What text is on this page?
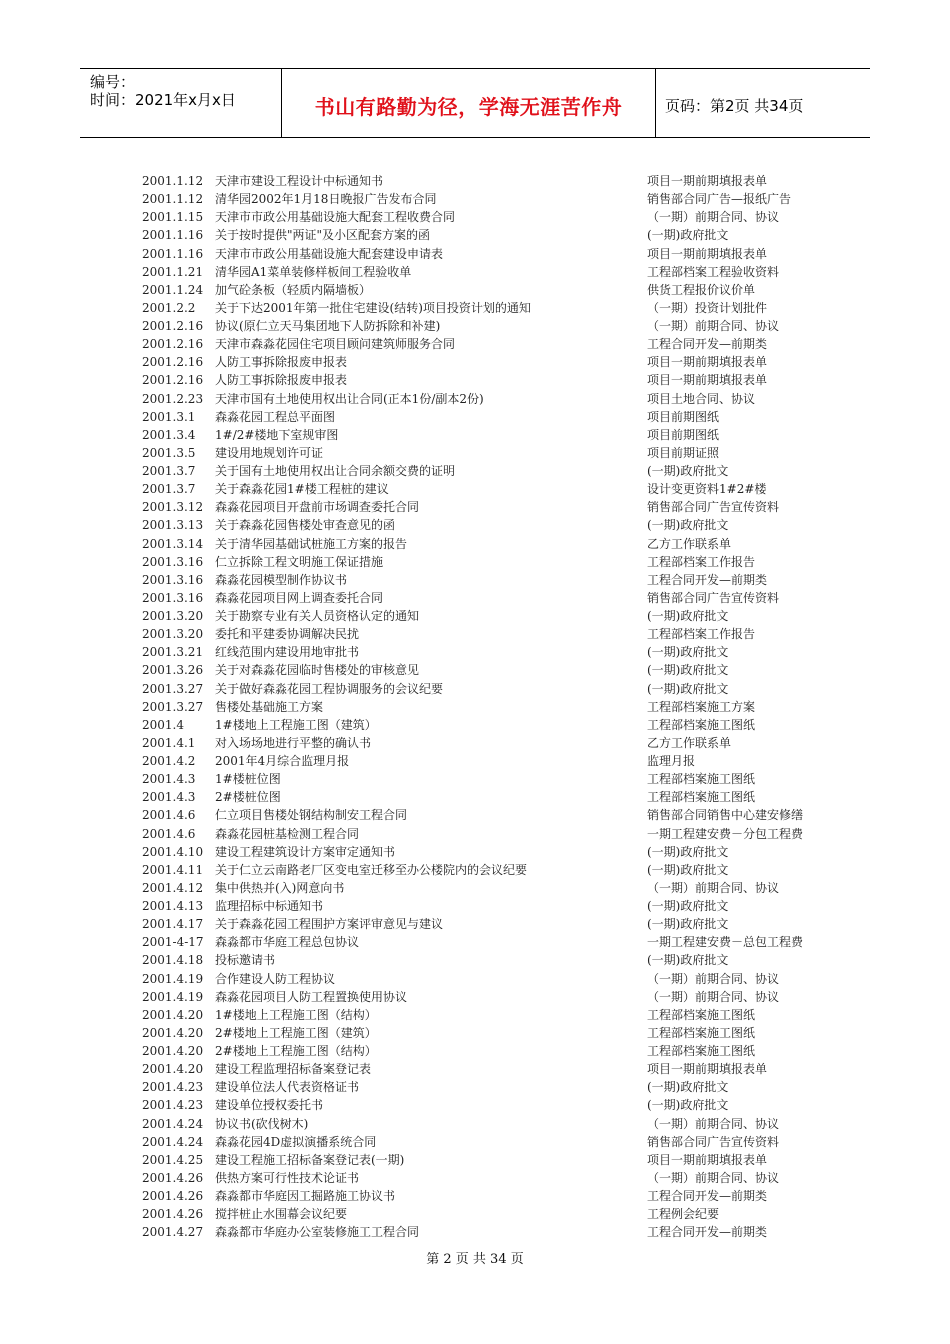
编号：
时间：2021年x月x日	书山有路勤为径，学海无涯苦作舟	页码：第2页 共34页
2001.1.12 天津市建设工程设计中标通知书	项目一期前期填报表单
2001.1.12 清华园2002年1月18日晚报广告发布合同	销售部合同广告—报纸广告
2001.1.15 天津市市政公用基础设施大配套工程收费合同	（一期）前期合同、协议
2001.1.16 关于按时提供"两证"及小区配套方案的函	(一期)政府批文
2001.1.16 天津市市政公用基础设施大配套建设申请表	项目一期前期填报表单
2001.1.21 清华园A1菜单装修样板间工程验收单	工程部档案工程验收资料
2001.1.24 加气砼条板（轻质内隔墙板）	供货工程报价议价单
2001.2.2	关于下达2001年第一批住宅建设(结转)项目投资计划的通知	（一期）投资计划批件
2001.2.16 协议(原仁立天马集团地下人防拆除和补建)	（一期）前期合同、协议
2001.2.16 天津市森淼花园住宅项目顾问建筑师服务合同	工程合同开发—前期类
2001.2.16 人防工事拆除报废申报表	项目一期前期填报表单
2001.2.16 人防工事拆除报废申报表	项目一期前期填报表单
2001.2.23 天津市国有土地使用权出让合同(正本1份/副本2份)	项目土地合同、协议
2001.3.1	森淼花园工程总平面图	项目前期图纸
2001.3.4	1#/2#楼地下室规审图	项目前期图纸
2001.3.5	建设用地规划许可证	项目前期证照
2001.3.7	关于国有土地使用权出让合同余额交费的证明	(一期)政府批文
2001.3.7	关于森淼花园1#楼工程桩的建议	设计变更资料1#2#楼
2001.3.12 森淼花园项目开盘前市场调查委托合同	销售部合同广告宣传资料
2001.3.13 关于森淼花园售楼处审查意见的函	(一期)政府批文
2001.3.14 关于清华园基础试桩施工方案的报告	乙方工作联系单
2001.3.16 仁立拆除工程文明施工保证措施	工程部档案工作报告
2001.3.16 森淼花园模型制作协议书	工程合同开发—前期类
2001.3.16 森淼花园项目网上调查委托合同	销售部合同广告宣传资料
2001.3.20 关于勘察专业有关人员资格认定的通知	(一期)政府批文
2001.3.20 委托和平建委协调解决民扰	工程部档案工作报告
2001.3.21 红线范围内建设用地审批书	(一期)政府批文
2001.3.26 关于对森淼花园临时售楼处的审核意见	(一期)政府批文
2001.3.27 关于做好森淼花园工程协调服务的会议纪要	(一期)政府批文
2001.3.27 售楼处基础施工方案	工程部档案施工方案
2001.4	1#楼地上工程施工图（建筑）	工程部档案施工图纸
2001.4.1	对入场场地进行平整的确认书	乙方工作联系单
2001.4.2	2001年4月综合监理月报	监理月报
2001.4.3	1#楼桩位图	工程部档案施工图纸
2001.4.3	2#楼桩位图	工程部档案施工图纸
2001.4.6	仁立项目售楼处钢结构制安工程合同	销售部合同销售中心建安修缮
2001.4.6	森淼花园桩基检测工程合同	一期工程建安费－分包工程费
2001.4.10 建设工程建筑设计方案审定通知书	(一期)政府批文
2001.4.11 关于仁立云南路老厂区变电室迁移至办公楼院内的会议纪要	(一期)政府批文
2001.4.12 集中供热并(入)网意向书	（一期）前期合同、协议
2001.4.13 监理招标中标通知书	(一期)政府批文
2001.4.17 关于森淼花园工程围护方案评审意见与建议	(一期)政府批文
2001-4-17 森淼都市华庭工程总包协议	一期工程建安费－总包工程费
2001.4.18 投标邀请书	(一期)政府批文
2001.4.19 合作建设人防工程协议	（一期）前期合同、协议
2001.4.19 森淼花园项目人防工程置换使用协议	（一期）前期合同、协议
2001.4.20 1#楼地上工程施工图（结构）	工程部档案施工图纸
2001.4.20 2#楼地上工程施工图（建筑）	工程部档案施工图纸
2001.4.20 2#楼地上工程施工图（结构）	工程部档案施工图纸
2001.4.20 建设工程监理招标备案登记表	项目一期前期填报表单
2001.4.23 建设单位法人代表资格证书	(一期)政府批文
2001.4.23 建设单位授权委托书	(一期)政府批文
2001.4.24 协议书(砍伐树木)	（一期）前期合同、协议
2001.4.24 森淼花园4D虚拟演播系统合同	销售部合同广告宣传资料
2001.4.25 建设工程施工招标备案登记表(一期)	项目一期前期填报表单
2001.4.26 供热方案可行性技术论证书	（一期）前期合同、协议
2001.4.26 森淼都市华庭因工掘路施工协议书	工程合同开发—前期类
2001.4.26 搅拌桩止水围幕会议纪要	工程例会纪要
2001.4.27 森淼都市华庭办公室装修施工工程合同	工程合同开发—前期类
第 2 页 共 34 页
